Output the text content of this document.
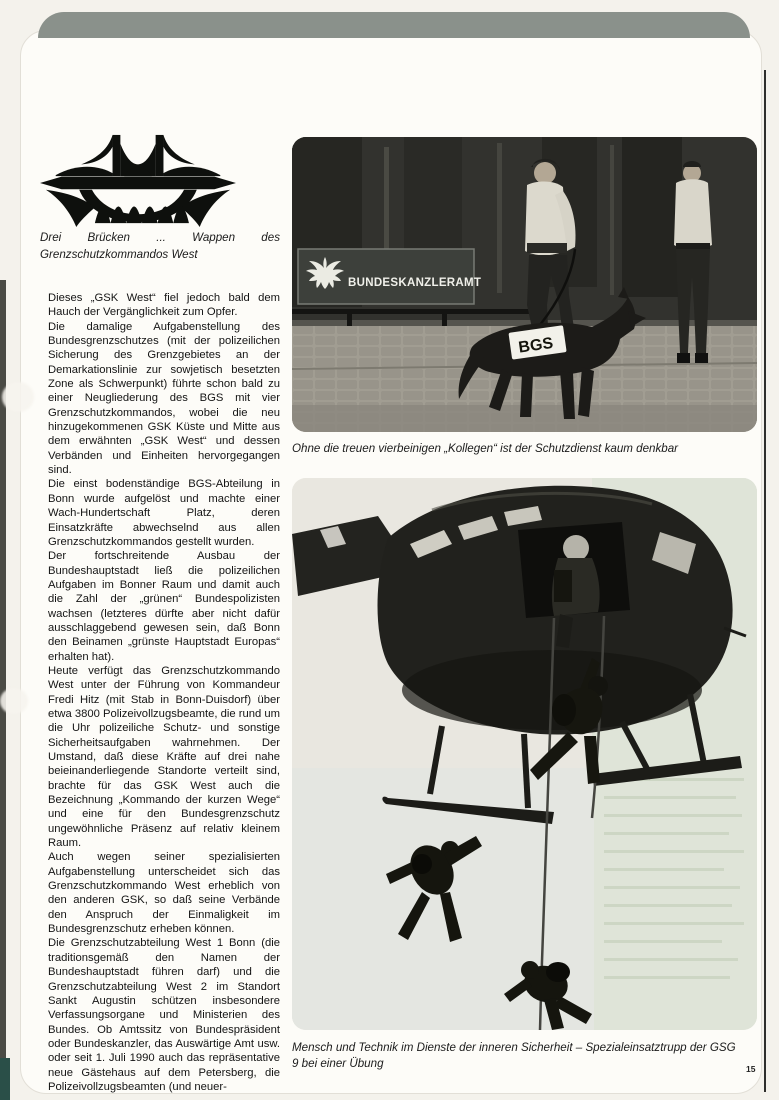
Drei Brücken ... Wappen des Grenzschutzkommandos West

Dieses „GSK West“ fiel jedoch bald dem Hauch der Vergänglichkeit zum Opfer.

Die damalige Aufgabenstellung des Bundesgrenzschutzes (mit der polizeilichen Sicherung des Grenzgebietes an der Demarkationslinie zur sowjetisch besetzten Zone als Schwerpunkt) führte schon bald zu einer Neugliederung des BGS mit vier Grenzschutzkommandos, wobei die neu hinzugekommenen GSK Küste und Mitte aus dem erwähnten „GSK West“ und dessen Verbänden und Einheiten hervorgegangen sind.

Die einst bodenständige BGS-Abteilung in Bonn wurde aufgelöst und machte einer Wach-Hundertschaft Platz, deren Einsatzkräfte abwechselnd aus allen Grenzschutzkommandos gestellt wurden.

Der fortschreitende Ausbau der Bundeshauptstadt ließ die polizeilichen Aufgaben im Bonner Raum und damit auch die Zahl der „grünen“ Bundespolizisten wachsen (letzteres dürfte aber nicht dafür ausschlaggebend gewesen sein, daß Bonn den Beinamen „grünste Hauptstadt Europas“ erhalten hat).

Heute verfügt das Grenzschutzkommando West unter der Führung von Kommandeur Fredi Hitz (mit Stab in Bonn-Duisdorf) über etwa 3800 Polizeivollzugsbeamte, die rund um die Uhr polizeiliche Schutz- und sonstige Sicherheitsaufgaben wahrnehmen. Der Umstand, daß diese Kräfte auf drei nahe beieinanderliegende Standorte verteilt sind, brachte für das GSK West auch die Bezeichnung „Kommando der kurzen Wege“ und eine für den Bundesgrenzschutz ungewöhnliche Präsenz auf relativ kleinem Raum.

Auch wegen seiner spezialisierten Aufgabenstellung unterscheidet sich das Grenzschutzkommando West erheblich von den anderen GSK, so daß seine Verbände den Anspruch der Einmaligkeit im Bundesgrenzschutz erheben können.

Die Grenzschutzabteilung West 1 Bonn (die traditionsgemäß den Namen der Bundeshauptstadt führen darf) und die Grenzschutzabteilung West 2 im Standort Sankt Augustin schützen insbesondere Verfassungsorgane und Ministerien des Bundes. Ob Amtssitz von Bundespräsident oder Bundeskanzler, das Auswärtige Amt usw. oder seit 1. Juli 1990 auch das repräsentative neue Gästehaus auf dem Petersberg, die Polizeivollzugsbeamten (und neuer-

BUNDESKANZLERAMT
BGS
Ohne die treuen vierbeinigen „Kollegen“ ist der Schutzdienst kaum denkbar
Mensch und Technik im Dienste der inneren Sicherheit – Spezialeinsatztrupp der GSG 9 bei einer Übung	15
